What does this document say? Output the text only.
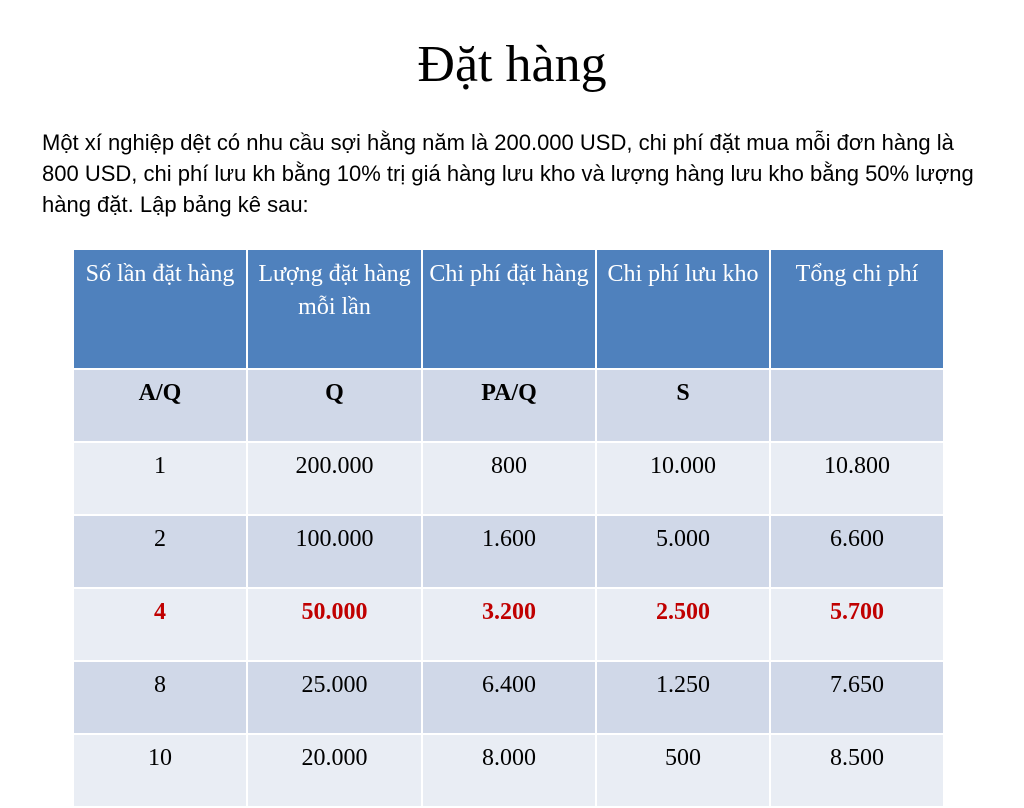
Đặt hàng
Một xí nghiệp dệt có nhu cầu sợi hằng năm là 200.000 USD, chi phí đặt mua mỗi đơn hàng là 800 USD, chi phí lưu kh bằng 10% trị giá hàng lưu kho và lượng hàng lưu kho bằng 50% lượng hàng đặt. Lập bảng kê sau:
Số lần đặt hàng	Lượng đặt hàng mỗi lần	Chi phí đặt hàng	Chi phí lưu kho	Tổng chi phí
A/Q	Q	PA/Q	S	
1	200.000	800	10.000	10.800
2	100.000	1.600	5.000	6.600
4	50.000	3.200	2.500	5.700
8	25.000	6.400	1.250	7.650
10	20.000	8.000	500	8.500
